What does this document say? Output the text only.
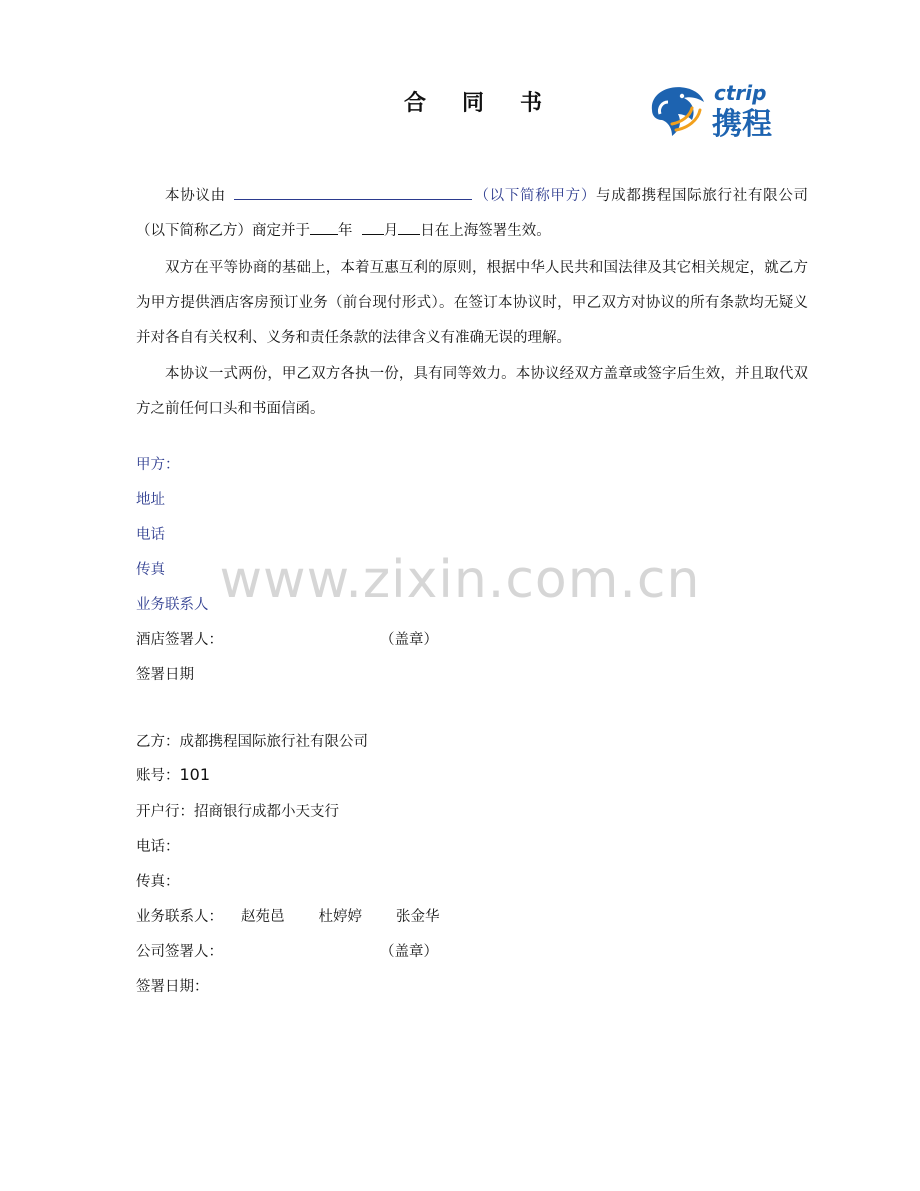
合 同 书	ctrip
携程
www.zixin.com.cn

本协议由	（以下简称甲方）与成都携程国际旅行社有限公司（以下简称乙方）商定并于 年 月 日在上海签署生效。

双方在平等协商的基础上，本着互惠互利的原则，根据中华人民共和国法律及其它相关规定，就乙方为甲方提供酒店客房预订业务（前台现付形式）。在签订本协议时，甲乙双方对协议的所有条款均无疑义并对各自有关权利、义务和责任条款的法律含义有准确无误的理解。

本协议一式两份，甲乙双方各执一份，具有同等效力。本协议经双方盖章或签字后生效，并且取代双方之前任何口头和书面信函。

甲方：
地址
电话
传真
业务联系人
酒店签署人：	（盖章）
签署日期
乙方：成都携程国际旅行社有限公司
账号：101
开户行：招商银行成都小天支行
电话：
传真：
业务联系人： 赵苑邑 杜婷婷 张金华
公司签署人：	（盖章）
签署日期：
